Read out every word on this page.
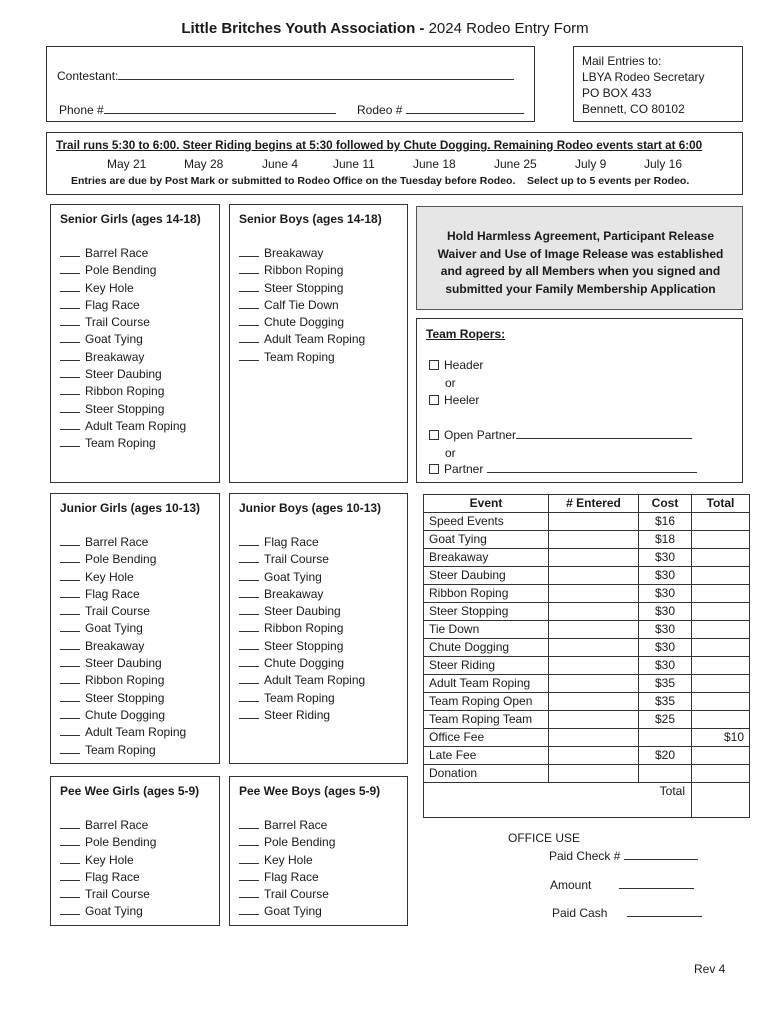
Little Britches Youth Association - 2024 Rodeo Entry Form
Contestant:
Phone #	Rodeo #
Mail Entries to:
LBYA Rodeo Secretary
PO BOX 433
Bennett, CO 80102
Trail runs 5:30 to 6:00. Steer Riding begins at 5:30 followed by Chute Dogging. Remaining Rodeo events start at 6:00
May 21	May 28	June 4	June 11	June 18	June 25	July 9	July 16
Entries are due by Post Mark or submitted to Rodeo Office on the Tuesday before Rodeo.    Select up to 5 events per Rodeo.
Senior Girls (ages 14-18)
Barrel Race
Pole Bending
Key Hole
Flag Race
Trail Course
Goat Tying
Breakaway
Steer Daubing
Ribbon Roping
Steer Stopping
Adult Team Roping
Team Roping
Senior Boys (ages 14-18)
Breakaway
Ribbon Roping
Steer Stopping
Calf Tie Down
Chute Dogging
Adult Team Roping
Team Roping
Hold Harmless Agreement, Participant Release Waiver and Use of Image Release was established and agreed by all Members when you signed and submitted your Family Membership Application
Team Ropers:
Header
or
Heeler
Open Partner
or
Partner
Junior Girls (ages 10-13)
Barrel Race
Pole Bending
Key Hole
Flag Race
Trail Course
Goat Tying
Breakaway
Steer Daubing
Ribbon Roping
Steer Stopping
Chute Dogging
Adult Team Roping
Team Roping
Junior Boys (ages 10-13)
Flag Race
Trail Course
Goat Tying
Breakaway
Steer Daubing
Ribbon Roping
Steer Stopping
Chute Dogging
Adult Team Roping
Team Roping
Steer Riding
Pee Wee Girls (ages 5-9)
Barrel Race
Pole Bending
Key Hole
Flag Race
Trail Course
Goat Tying
Pee Wee Boys (ages 5-9)
Barrel Race
Pole Bending
Key Hole
Flag Race
Trail Course
Goat Tying
Event	# Entered	Cost	Total
Speed Events		$16	
Goat Tying		$18	
Breakaway		$30	
Steer Daubing		$30	
Ribbon Roping		$30	
Steer Stopping		$30	
Tie Down		$30	
Chute Dogging		$30	
Steer Riding		$30	
Adult Team Roping		$35	
Team Roping Open		$35	
Team Roping Team		$25	
Office Fee			$10
Late Fee		$20	
Donation			
Total			
OFFICE USE
Paid Check #
Amount
Paid Cash
Rev 4
